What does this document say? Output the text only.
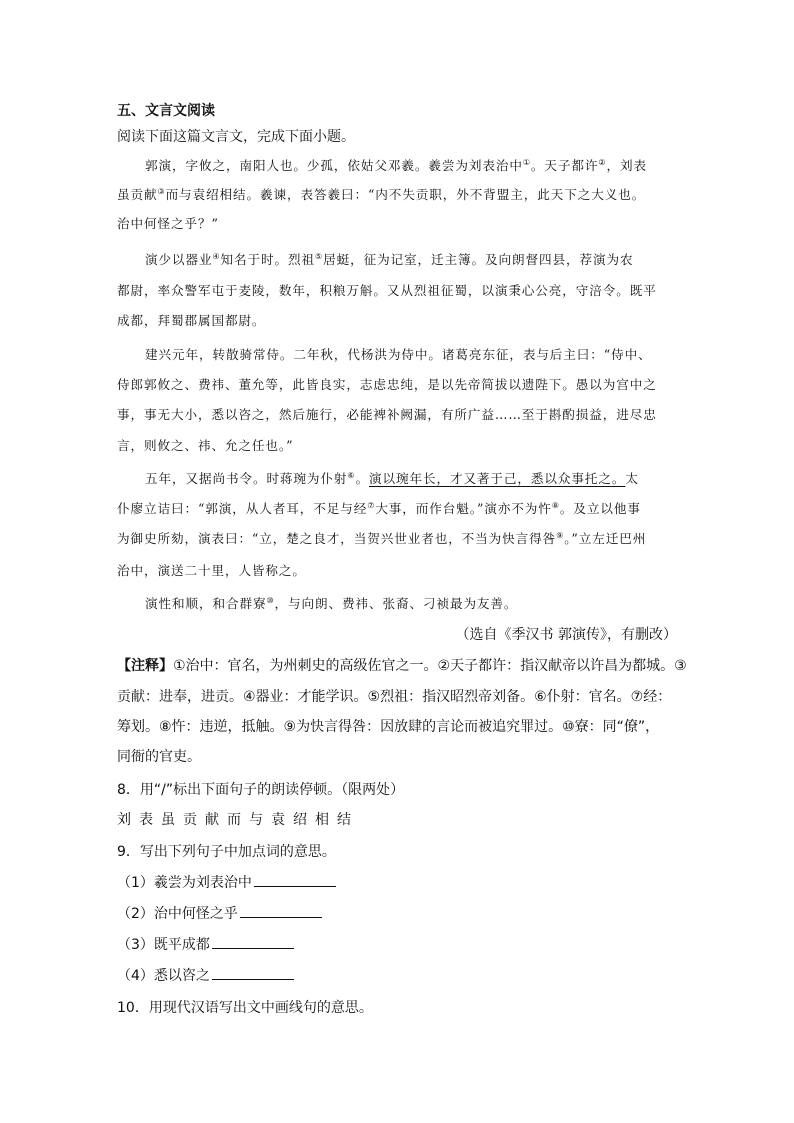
五、文言文阅读
阅读下面这篇文言文，完成下面小题。
郭演，字攸之，南阳人也。少孤，依姑父邓羲。羲尝为刘表治中①。天子都许②，刘表
虽贡献③而与袁绍相结。羲谏，表答羲曰：“内不失贡职，外不背盟主，此天下之大义也。
治中何怪之乎？”
演少以器业④知名于时。烈祖⑤居蜓，征为记室，迁主簿。及向朗督四县，荐演为农
都尉，率众警军屯于麦陵，数年，积粮万斛。又从烈祖征蜀，以演秉心公亮，守涪令。既平
成都，拜蜀郡属国都尉。
建兴元年，转散骑常侍。二年秋，代杨洪为侍中。诸葛亮东征，表与后主曰：“侍中、
侍郎郭攸之、费祎、董允等，此皆良实，志虑忠纯，是以先帝简拔以遗陛下。愚以为宫中之
事，事无大小，悉以咨之，然后施行，必能裨补阙漏，有所广益……至于斟酌损益，进尽忠
言，则攸之、祎、允之任也。”
五年，又据尚书令。时蒋琬为仆射⑥。演以琬年长，才又著于己，悉以众事托之。太
仆廖立诘曰：“郭演，从人者耳，不足与经⑦大事，而作台魁。”演亦不为忤⑧。及立以他事
为御史所劾，演表曰：“立，楚之良才，当贺兴世业者也，不当为快言得咎⑨。”立左迁巴州
治中，演送二十里，人皆称之。
演性和顺，和合群寮⑩，与向朗、费祎、张裔、刁祯最为友善。
（选自《季汉书 郭演传》，有删改）
【注释】①治中：官名，为州刺史的高级佐官之一。②天子都许：指汉献帝以许昌为都城。③
贡献：进奉，进贡。④器业：才能学识。⑤烈祖：指汉昭烈帝刘备。⑥仆射：官名。⑦经：
筹划。⑧忤：违逆，抵触。⑨为快言得咎：因放肆的言论而被追究罪过。⑩寮：同“僚”，
同衙的官吏。
8．用“/”标出下面句子的朗读停顿。（限两处）
刘表虽贡献而与袁绍相结
9．写出下列句子中加点词的意思。
（1）羲尝为刘表治中
（2）治中何怪之乎
（3）既平成都
（4）悉以咨之
10．用现代汉语写出文中画线句的意思。
